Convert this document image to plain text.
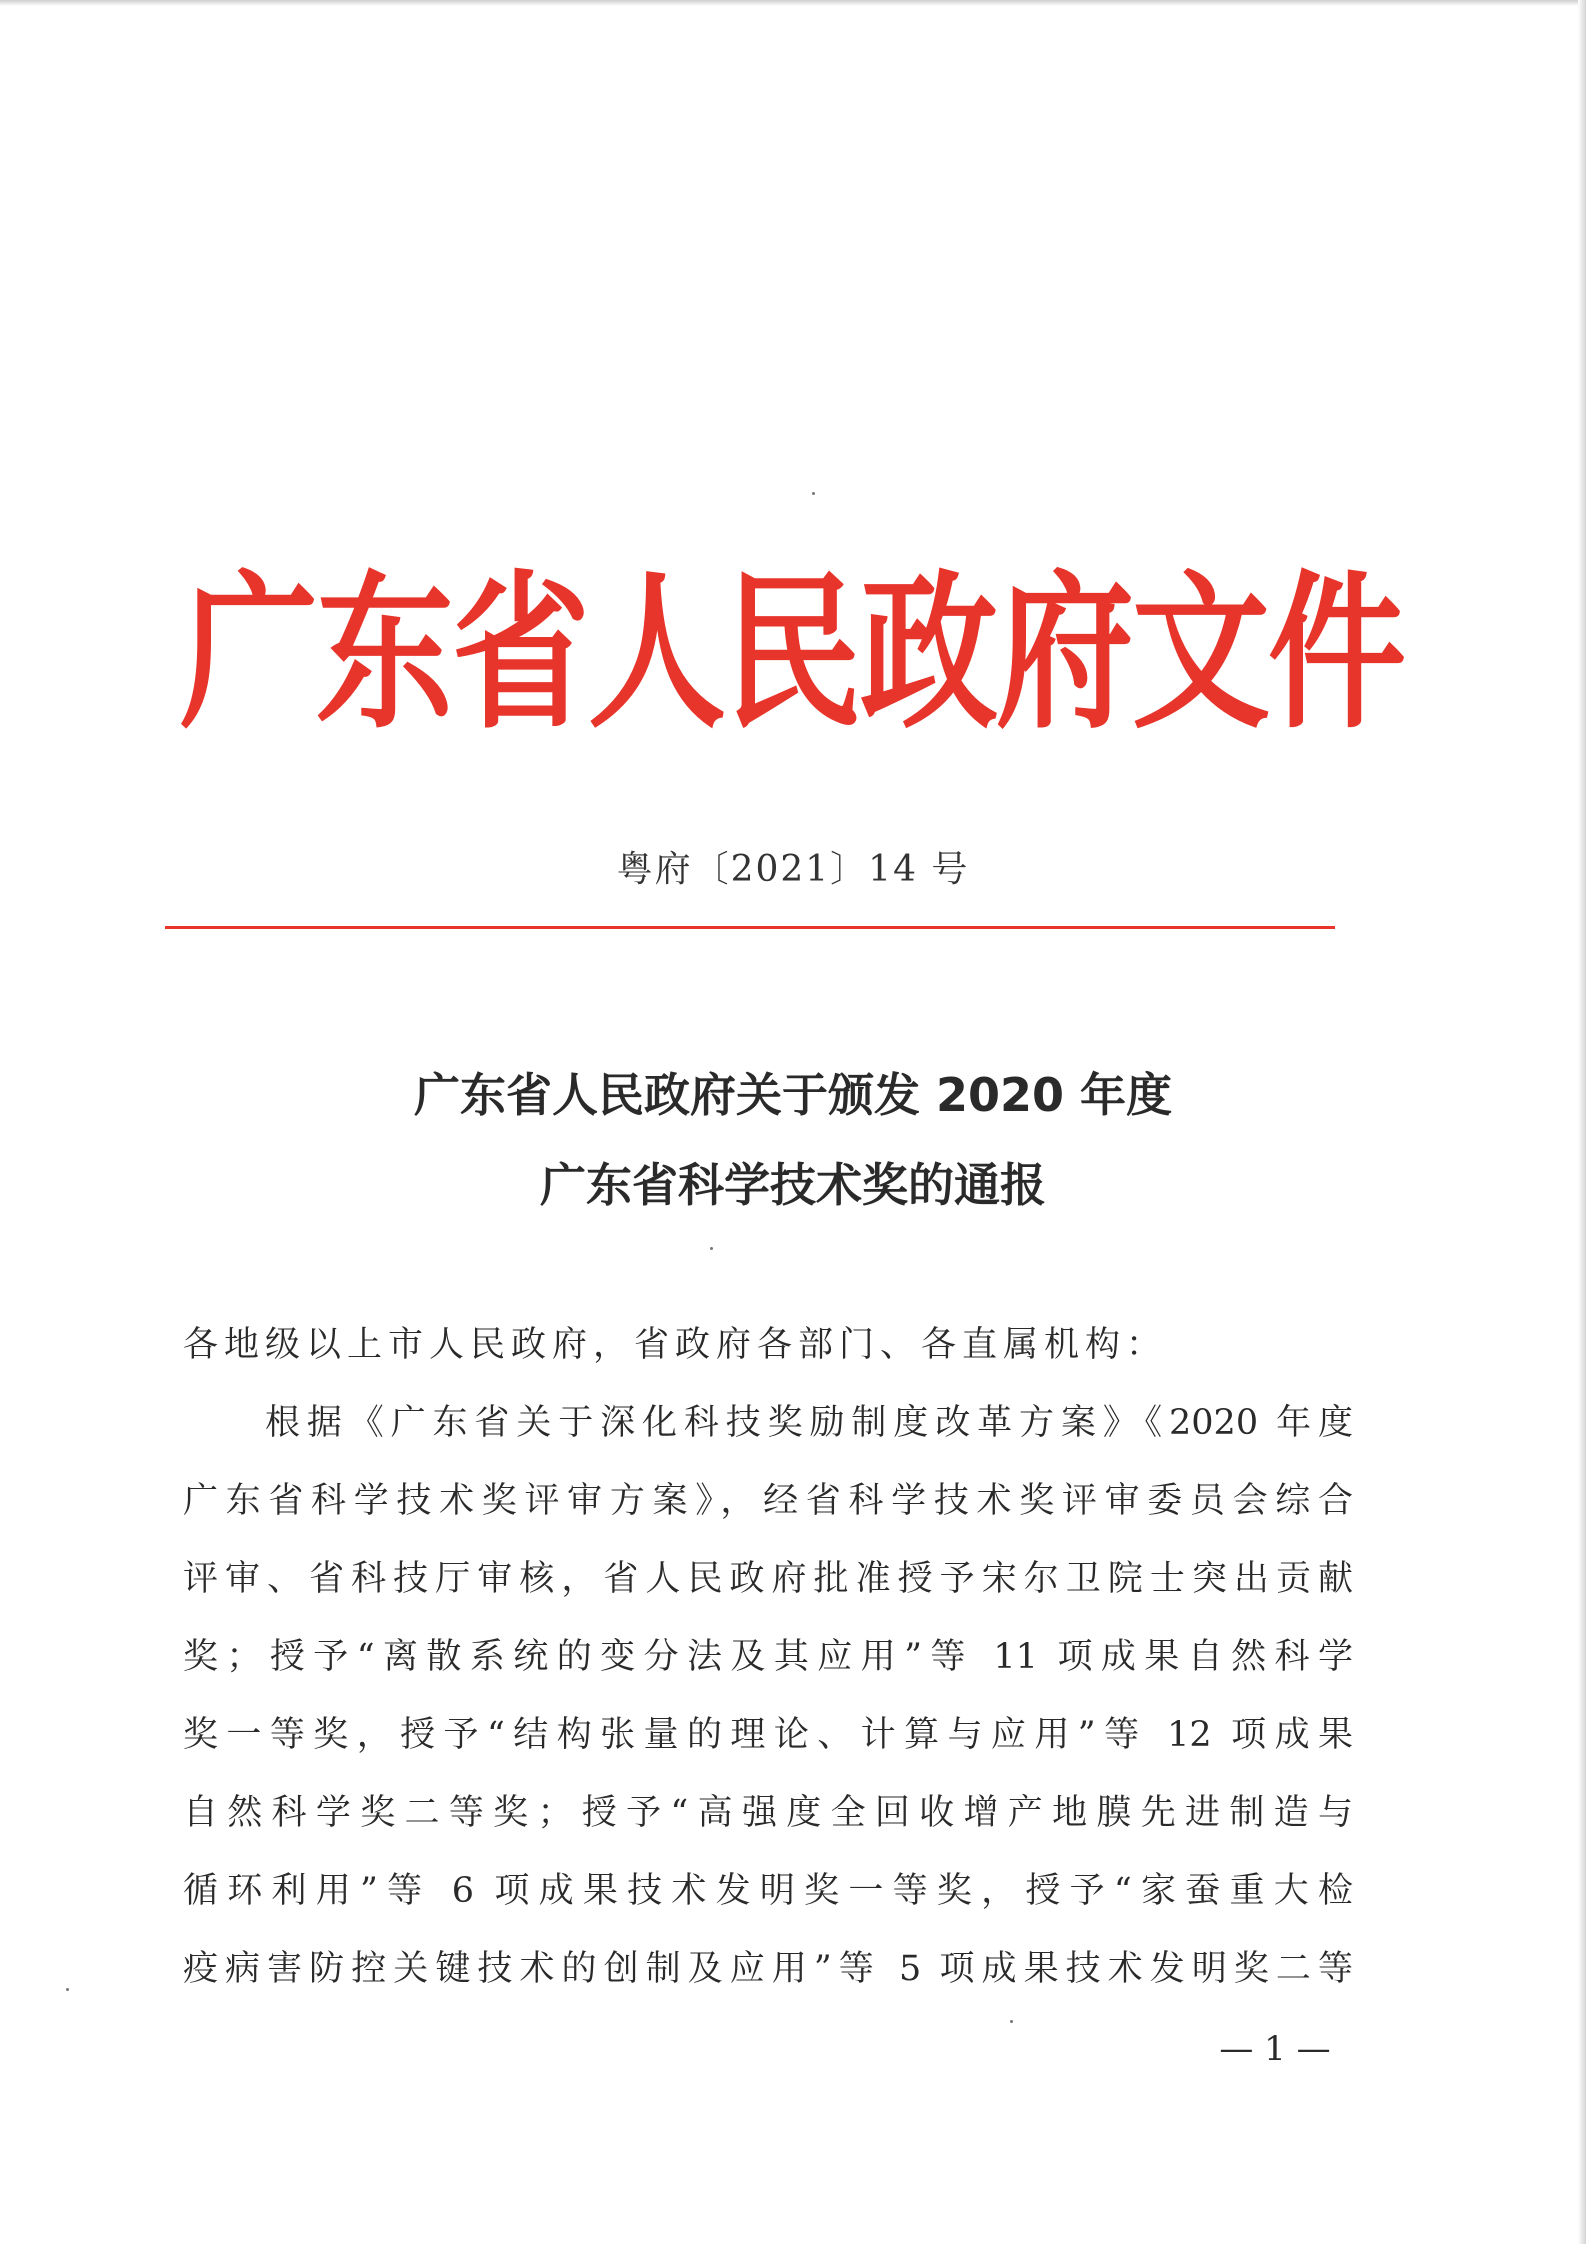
广东省人民政府文件
粤府〔2021〕14 号
广东省人民政府关于颁发 2020 年度
广东省科学技术奖的通报
各地级以上市人民政府，省政府各部门、各直属机构：
根据《广东省关于深化科技奖励制度改革方案》《2020 年度
广东省科学技术奖评审方案》，经省科学技术奖评审委员会综合
评审、省科技厅审核，省人民政府批准授予宋尔卫院士突出贡献
奖；授予“离散系统的变分法及其应用”等 11 项成果自然科学
奖一等奖，授予“结构张量的理论、计算与应用”等 12 项成果
自然科学奖二等奖；授予“高强度全回收增产地膜先进制造与
循环利用”等 6 项成果技术发明奖一等奖，授予“家蚕重大检
疫病害防控关键技术的创制及应用”等 5 项成果技术发明奖二等
— 1 —
